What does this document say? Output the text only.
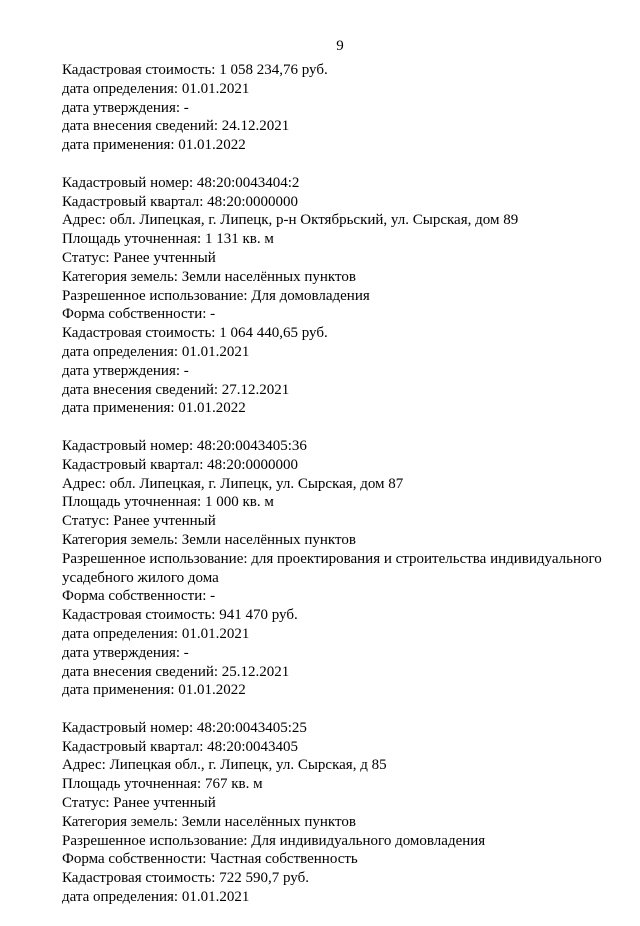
9
Кадастровая стоимость: 1 058 234,76 руб.
дата определения: 01.01.2021
дата утверждения: -
дата внесения сведений: 24.12.2021
дата применения: 01.01.2022
Кадастровый номер: 48:20:0043404:2
Кадастровый квартал: 48:20:0000000
Адрес: обл. Липецкая, г. Липецк, р-н Октябрьский, ул. Сырская, дом 89
Площадь уточненная: 1 131 кв. м
Статус: Ранее учтенный
Категория земель: Земли населённых пунктов
Разрешенное использование: Для домовладения
Форма собственности: -
Кадастровая стоимость: 1 064 440,65 руб.
дата определения: 01.01.2021
дата утверждения: -
дата внесения сведений: 27.12.2021
дата применения: 01.01.2022
Кадастровый номер: 48:20:0043405:36
Кадастровый квартал: 48:20:0000000
Адрес: обл. Липецкая, г. Липецк, ул. Сырская, дом 87
Площадь уточненная: 1 000 кв. м
Статус: Ранее учтенный
Категория земель: Земли населённых пунктов
Разрешенное использование: для проектирования и строительства индивидуального
усадебного жилого дома
Форма собственности: -
Кадастровая стоимость: 941 470 руб.
дата определения: 01.01.2021
дата утверждения: -
дата внесения сведений: 25.12.2021
дата применения: 01.01.2022
Кадастровый номер: 48:20:0043405:25
Кадастровый квартал: 48:20:0043405
Адрес: Липецкая обл., г. Липецк, ул. Сырская, д 85
Площадь уточненная: 767 кв. м
Статус: Ранее учтенный
Категория земель: Земли населённых пунктов
Разрешенное использование: Для индивидуального домовладения
Форма собственности: Частная собственность
Кадастровая стоимость: 722 590,7 руб.
дата определения: 01.01.2021
